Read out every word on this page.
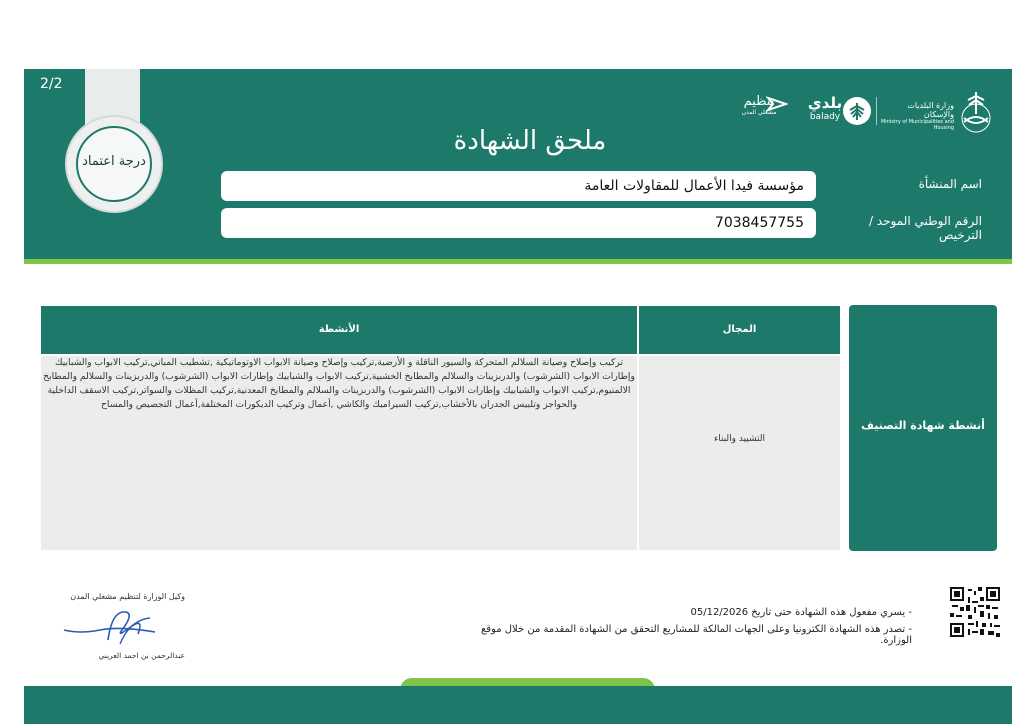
2/2
درجة اعتماد
ملحق الشهادة
مؤسسة فيدا الأعمال للمقاولات العامة
7038457755
اسم المنشأة
الرقم الوطني الموحد /الترخيص
تنظيم
مشغلي المدن
بلدي
balady
وزارة البلديات والإسكان
Ministry of Municipalities and Housing
أنشطة شهادة التصنيف
الأنشطة	المجال
تركيب وإصلاح وصيانة السلالم المتحركة والسيور الناقلة و الأرضية,تركيب وإصلاح وصيانة الابواب الاوتوماتيكية ,تشطيب المباني,تركيب الابواب والشبابيك وإطارات الابواب (الشرشوب) والدربزينات والسلالم والمطابخ الخشبية,تركيب الابواب والشبابيك وإطارات الابواب (الشرشوب) والدربزينات والسلالم والمطابخ الالمنيوم,تركيب الابواب والشبابيك وإطارات الابواب (الشرشوب) والدربزينات والسلالم والمطابخ المعدنية,تركيب المظلات والسواتر,تركيب الاسقف الداخلية والحواجز وتلبيس الجدران بالأخشاب,تركيب السيراميك والكاشي ,أعمال وتركيب الديكورات المختلفة,أعمال التجصيص والمساح
التشييد والبناء
وكيل الوزارة لتنظيم مشغلي المدن
عبدالرحمن بن احمد العريني
- يسري مفعول هذه الشهادة حتى تاريخ 05/12/2026
- تصدر هذه الشهادة الكترونيا وعلى الجهات المالكة للمشاريع التحقق من الشهادة المقدمة من خلال موقع الوزارة.
